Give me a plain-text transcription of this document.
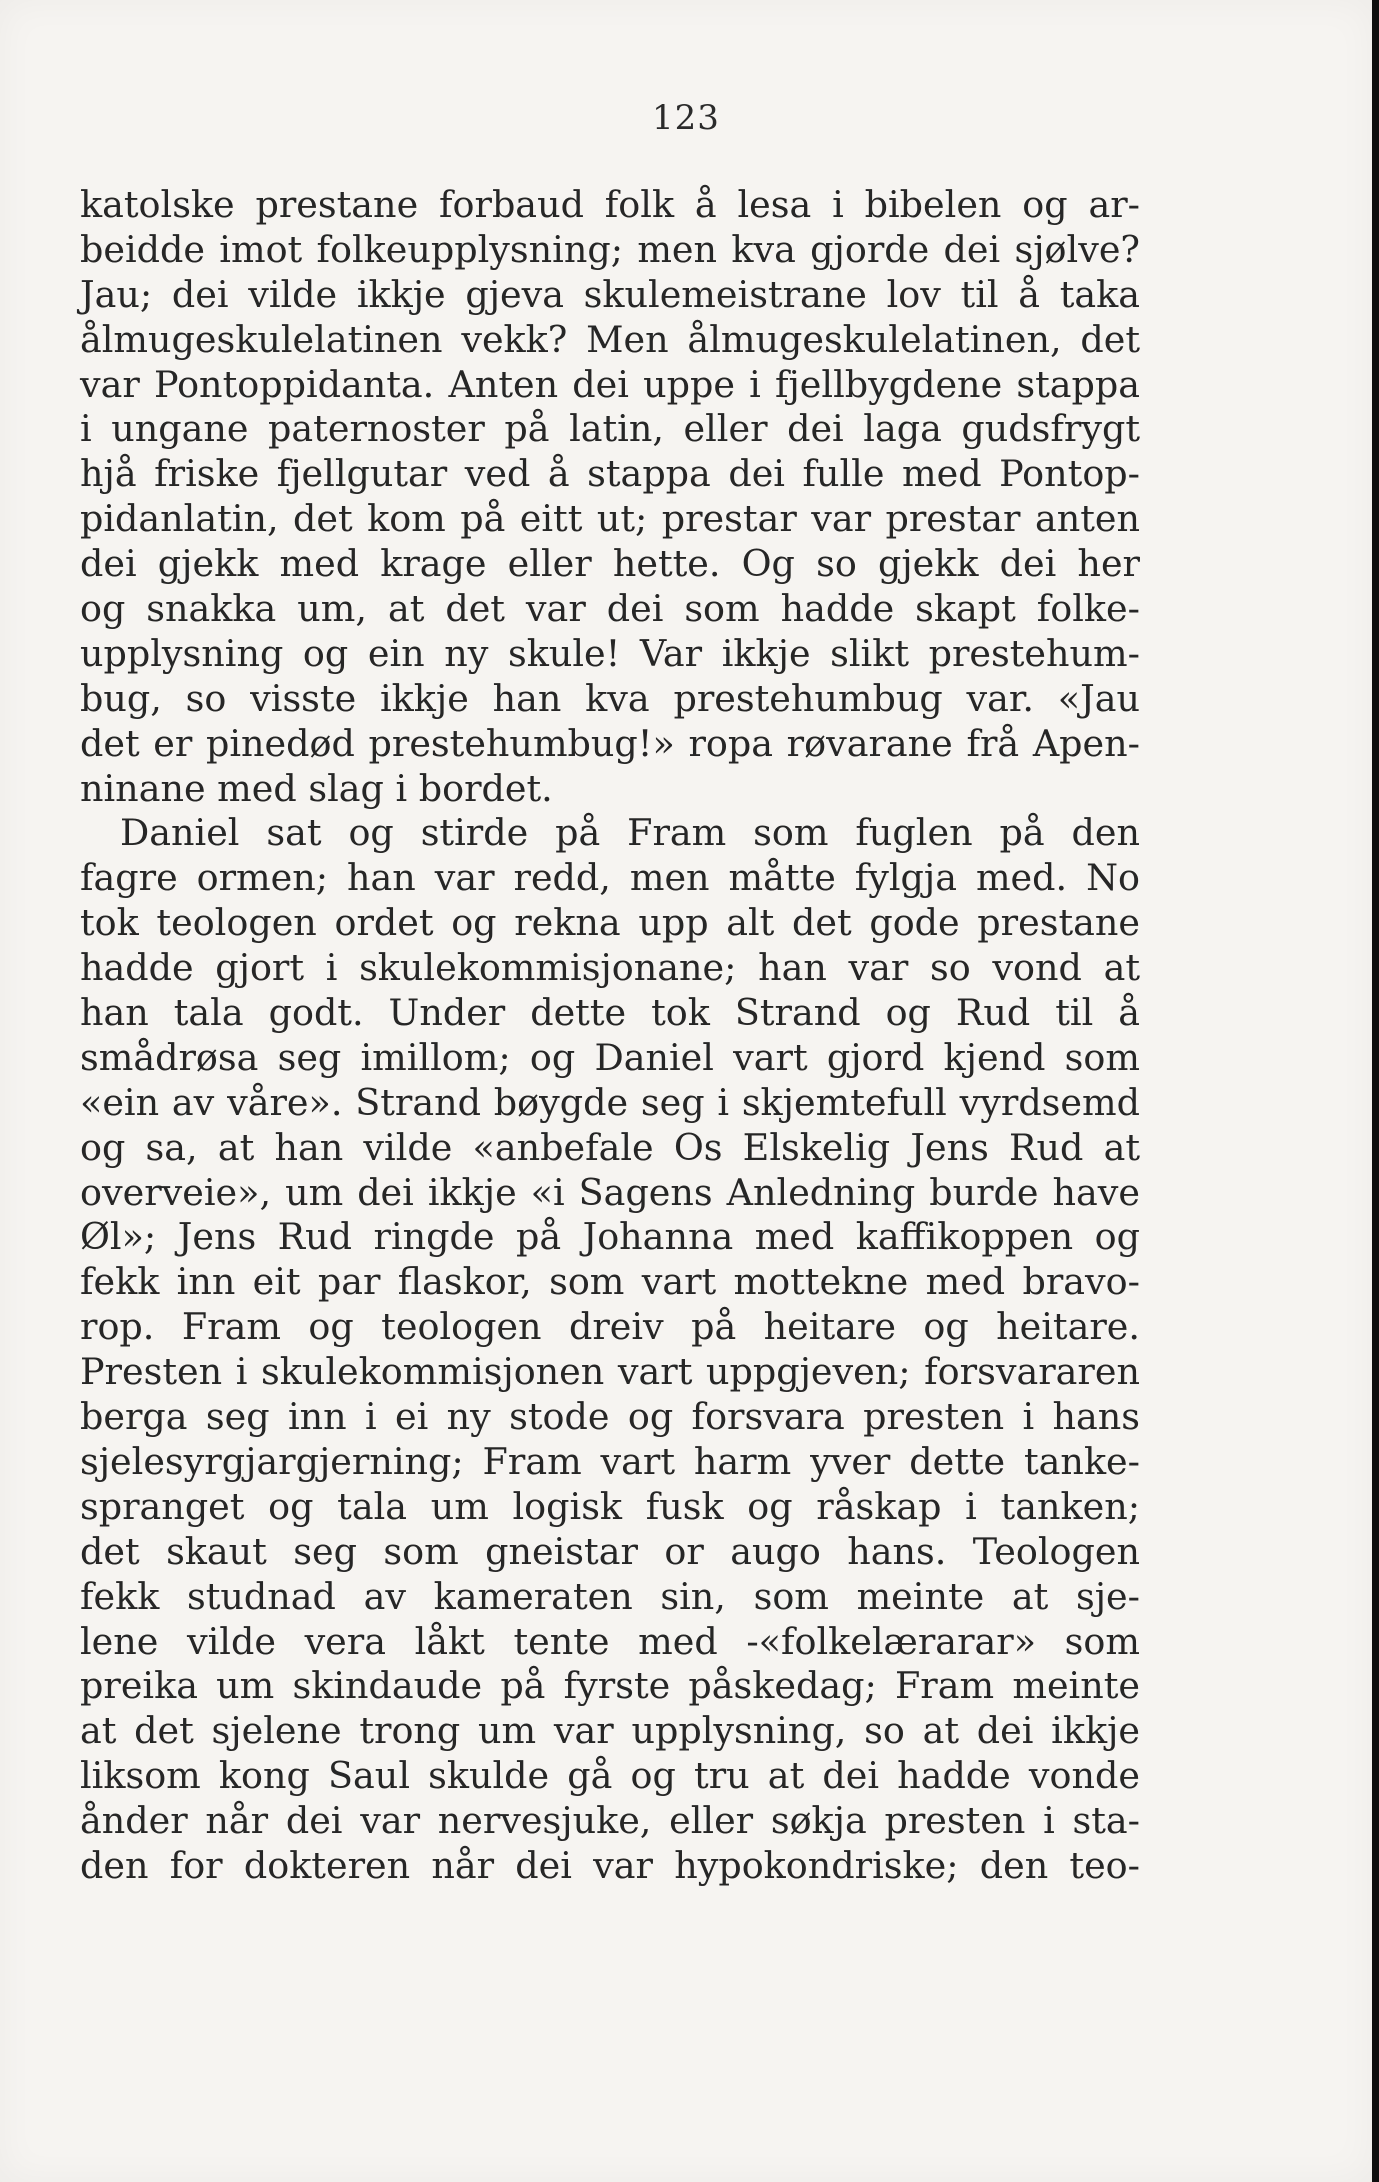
123
katolske prestane forbaud folk å lesa i bibelen og ar-
beidde imot folkeupplysning; men kva gjorde dei sjølve?
Jau; dei vilde ikkje gjeva skulemeistrane lov til å taka
ålmugeskulelatinen vekk? Men ålmugeskulelatinen, det
var Pontoppidanta. Anten dei uppe i fjellbygdene stappa
i ungane paternoster på latin, eller dei laga gudsfrygt
hjå friske fjellgutar ved å stappa dei fulle med Pontop-
pidanlatin, det kom på eitt ut; prestar var prestar anten
dei gjekk med krage eller hette. Og so gjekk dei her
og snakka um, at det var dei som hadde skapt folke-
upplysning og ein ny skule! Var ikkje slikt prestehum-
bug, so visste ikkje han kva prestehumbug var. «Jau
det er pinedød prestehumbug!» ropa røvarane frå Apen-
ninane med slag i bordet.
Daniel sat og stirde på Fram som fuglen på den
fagre ormen; han var redd, men måtte fylgja med. No
tok teologen ordet og rekna upp alt det gode prestane
hadde gjort i skulekommisjonane; han var so vond at
han tala godt. Under dette tok Strand og Rud til å
smådrøsa seg imillom; og Daniel vart gjord kjend som
«ein av våre». Strand bøygde seg i skjemtefull vyrdsemd
og sa, at han vilde «anbefale Os Elskelig Jens Rud at
overveie», um dei ikkje «i Sagens Anledning burde have
Øl»; Jens Rud ringde på Johanna med kaffikoppen og
fekk inn eit par flaskor, som vart mottekne med bravo-
rop. Fram og teologen dreiv på heitare og heitare.
Presten i skulekommisjonen vart uppgjeven; forsvararen
berga seg inn i ei ny stode og forsvara presten i hans
sjelesyrgjargjerning; Fram vart harm yver dette tanke-
spranget og tala um logisk fusk og råskap i tanken;
det skaut seg som gneistar or augo hans. Teologen
fekk studnad av kameraten sin, som meinte at sje-
lene vilde vera låkt tente med -«folkelærarar» som
preika um skindaude på fyrste påskedag; Fram meinte
at det sjelene trong um var upplysning, so at dei ikkje
liksom kong Saul skulde gå og tru at dei hadde vonde
ånder når dei var nervesjuke, eller søkja presten i sta-
den for dokteren når dei var hypokondriske; den teo-
